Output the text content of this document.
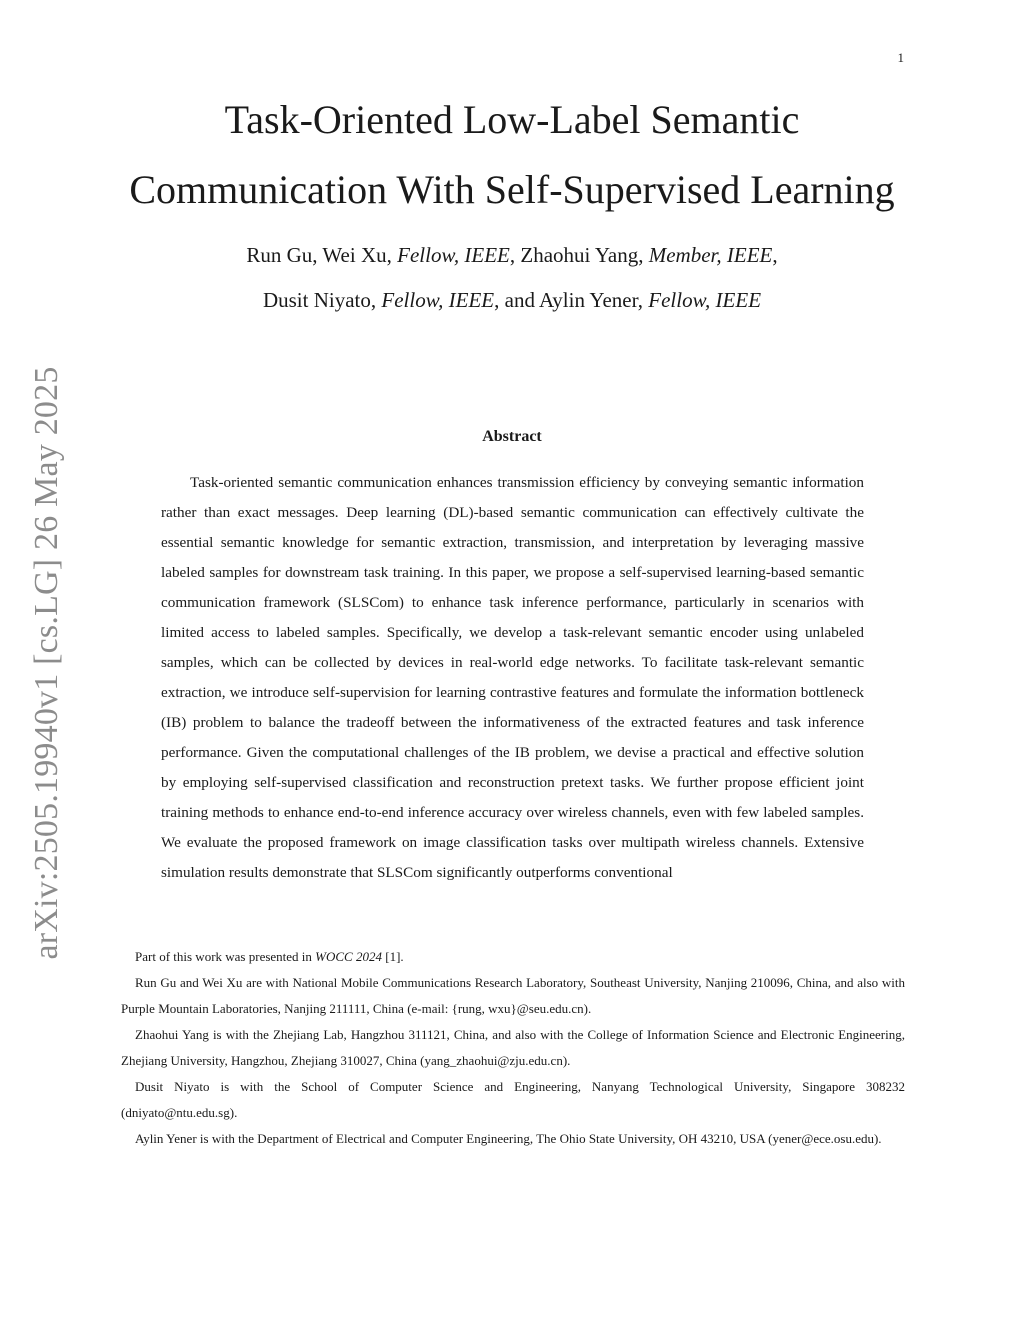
1
arXiv:2505.19940v1 [cs.LG] 26 May 2025
Task-Oriented Low-Label Semantic
Communication With Self-Supervised Learning
Run Gu, Wei Xu, Fellow, IEEE, Zhaohui Yang, Member, IEEE,
Dusit Niyato, Fellow, IEEE, and Aylin Yener, Fellow, IEEE
Abstract
Task-oriented semantic communication enhances transmission efficiency by conveying semantic information rather than exact messages. Deep learning (DL)-based semantic communication can effectively cultivate the essential semantic knowledge for semantic extraction, transmission, and interpretation by leveraging massive labeled samples for downstream task training. In this paper, we propose a self-supervised learning-based semantic communication framework (SLSCom) to enhance task inference performance, particularly in scenarios with limited access to labeled samples. Specifically, we develop a task-relevant semantic encoder using unlabeled samples, which can be collected by devices in real-world edge networks. To facilitate task-relevant semantic extraction, we introduce self-supervision for learning contrastive features and formulate the information bottleneck (IB) problem to balance the tradeoff between the informativeness of the extracted features and task inference performance. Given the computational challenges of the IB problem, we devise a practical and effective solution by employing self-supervised classification and reconstruction pretext tasks. We further propose efficient joint training methods to enhance end-to-end inference accuracy over wireless channels, even with few labeled samples. We evaluate the proposed framework on image classification tasks over multipath wireless channels. Extensive simulation results demonstrate that SLSCom significantly outperforms conventional

Part of this work was presented in WOCC 2024 [1].

Run Gu and Wei Xu are with National Mobile Communications Research Laboratory, Southeast University, Nanjing 210096, China, and also with Purple Mountain Laboratories, Nanjing 211111, China (e-mail: {rung, wxu}@seu.edu.cn).

Zhaohui Yang is with the Zhejiang Lab, Hangzhou 311121, China, and also with the College of Information Science and Electronic Engineering, Zhejiang University, Hangzhou, Zhejiang 310027, China (yang_zhaohui@zju.edu.cn).

Dusit Niyato is with the School of Computer Science and Engineering, Nanyang Technological University, Singapore 308232 (dniyato@ntu.edu.sg).

Aylin Yener is with the Department of Electrical and Computer Engineering, The Ohio State University, OH 43210, USA (yener@ece.osu.edu).
